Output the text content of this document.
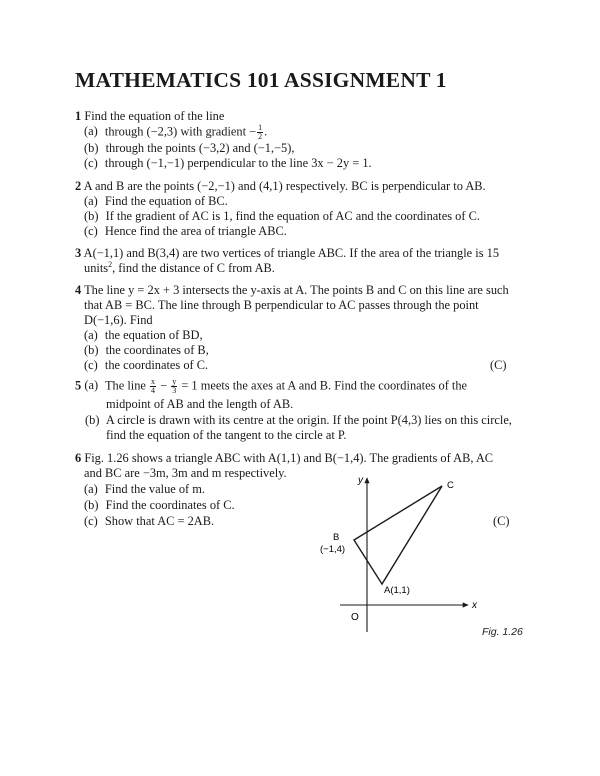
MATHEMATICS 101 ASSIGNMENT 1
1 Find the equation of the line
(a) through (−2,3) with gradient − $\frac{1}{2}$ .
(b) through the points (−3,2) and (−1,−5),
(c) through (−1,−1) perpendicular to the line 3x − 2y = 1.
2 A and B are the points (−2,−1) and (4,1) respectively. BC is perpendicular to AB.
(a) Find the equation of BC.
(b) If the gradient of AC is 1, find the equation of AC and the coordinates of C.
(c) Hence find the area of triangle ABC.
3 A(−1,1) and B(3,4) are two vertices of triangle ABC. If the area of the triangle is 15
units$^2$, find the distance of C from AB.
4 The line y = 2x + 3 intersects the y-axis at A. The points B and C on this line are such
that AB = BC. The line through B perpendicular to AC passes through the point
D(−1,6). Find
(a) the equation of BD,
(b) the coordinates of B,
(c) the coordinates of C.	(C)
5 (a) The line $\frac{x}{4} - \frac{y}{3} = 1$ meets the axes at A and B. Find the coordinates of the
midpoint of AB and the length of AB.
(b) A circle is drawn with its centre at the origin. If the point P(4,3) lies on this circle,
find the equation of the tangent to the circle at P.
6 Fig. 1.26 shows a triangle ABC with A(1,1) and B(−1,4). The gradients of AB, AC
and BC are −3m, 3m and m respectively.
(a) Find the value of m.
(b) Find the coordinates of C.
(c) Show that AC = 2AB.	(C)
y
x
O
A(1,1)
B
(−1,4)
C
Fig. 1.26
